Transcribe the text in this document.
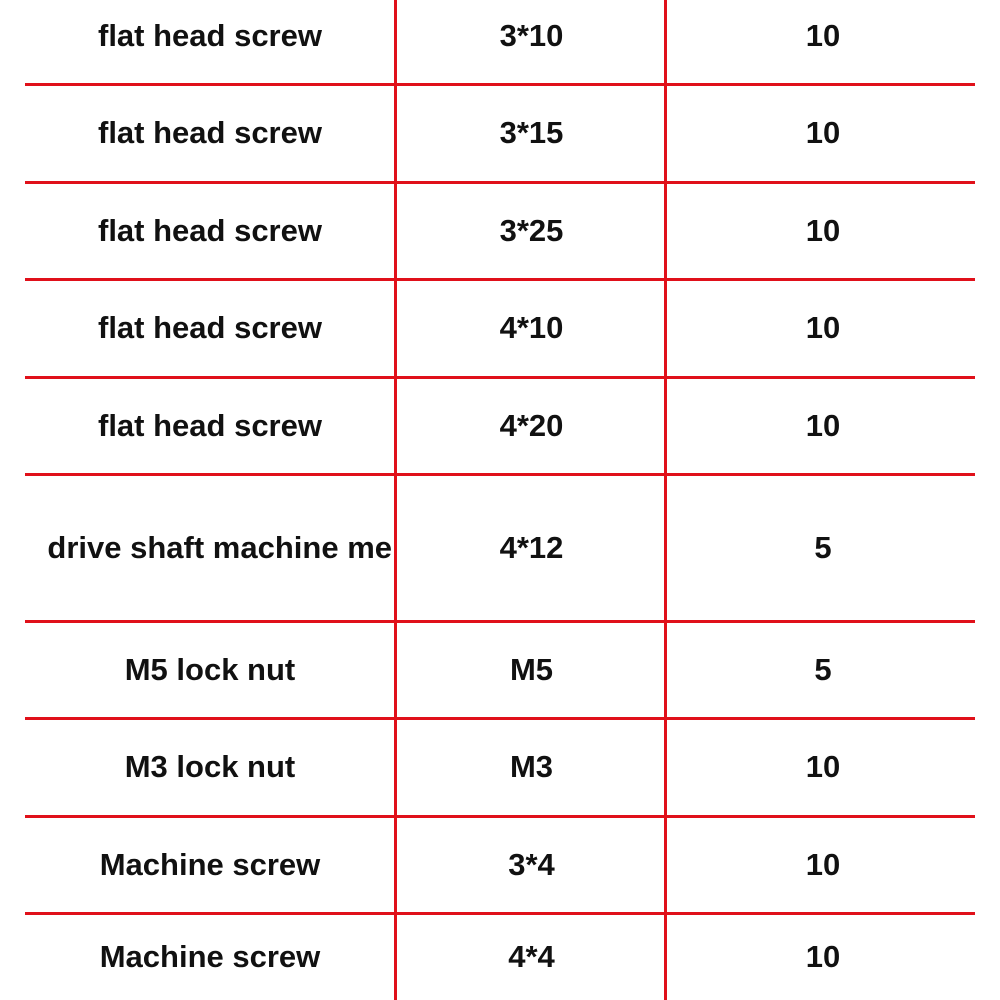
flat head screw	3*10	10
flat head screw	3*15	10
flat head screw	3*25	10
flat head screw	4*10	10
flat head screw	4*20	10
drive shaft machine me	4*12	5
M5 lock nut	M5	5
M3 lock nut	M3	10
Machine screw	3*4	10
Machine screw	4*4	10
